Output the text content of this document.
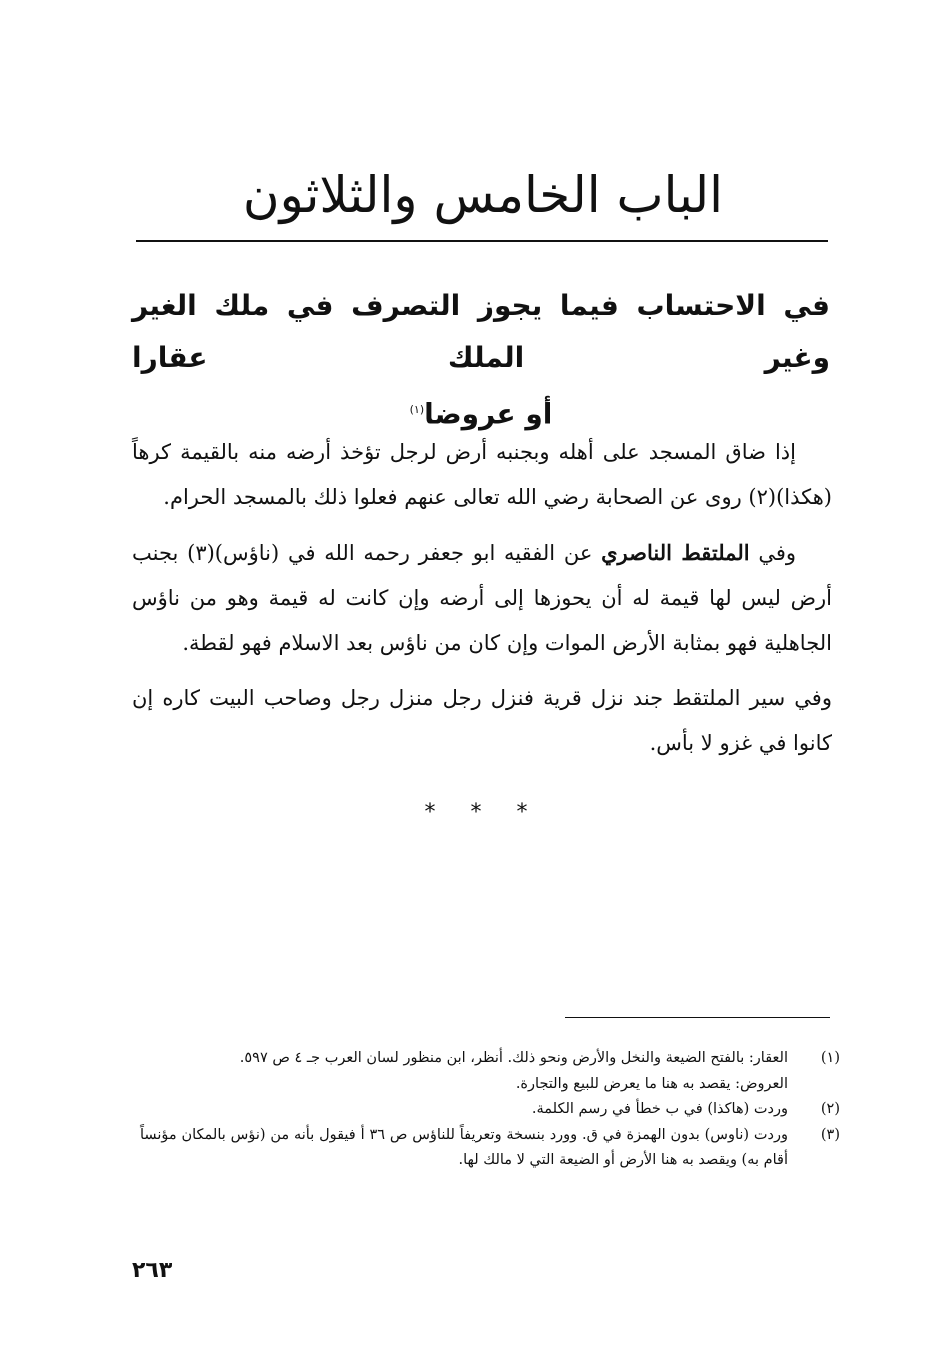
الباب الخامس والثلاثون
في الاحتساب فيما يجوز التصرف في ملك الغير وغير الملك عقارا
أو عروضا$^{(١)}$

إذا ضاق المسجد على أهله وبجنبه أرض لرجل تؤخذ أرضه منه بالقيمة كرهاً (هكذا)(٢) روى عن الصحابة رضي الله تعالى عنهم فعلوا ذلك بالمسجد الحرام.

وفي الملتقط الناصري عن الفقيه ابو جعفر رحمه الله في (ناؤس)(٣) بجنب أرض ليس لها قيمة له أن يحوزها إلى أرضه وإن كانت له قيمة وهو من ناؤس الجاهلية فهو بمثابة الأرض الموات وإن كان من ناؤس بعد الاسلام فهو لقطة.

وفي سير الملتقط جند نزل قرية فنزل رجل منزل رجل وصاحب البيت كاره إن كانوا في غزو لا بأس.

* * *
(١)
العقار: بالفتح الضيعة والنخل والأرض ونحو ذلك. أنظر، ابن منظور لسان العرب جـ ٤ ص ٥٩٧.
العروض: يقصد به هنا ما يعرض للبيع والتجارة.
(٢)
وردت (هاكذا) في ب خطأ في رسم الكلمة.
(٣)
وردت (ناوس) بدون الهمزة في ق. وورد بنسخة وتعريفاً للناؤس ص ٣٦ أ فيقول بأنه من (نؤس بالمكان مؤنساً أقام به) ويقصد به هنا الأرض أو الضيعة التي لا مالك لها.
٢٦٣
